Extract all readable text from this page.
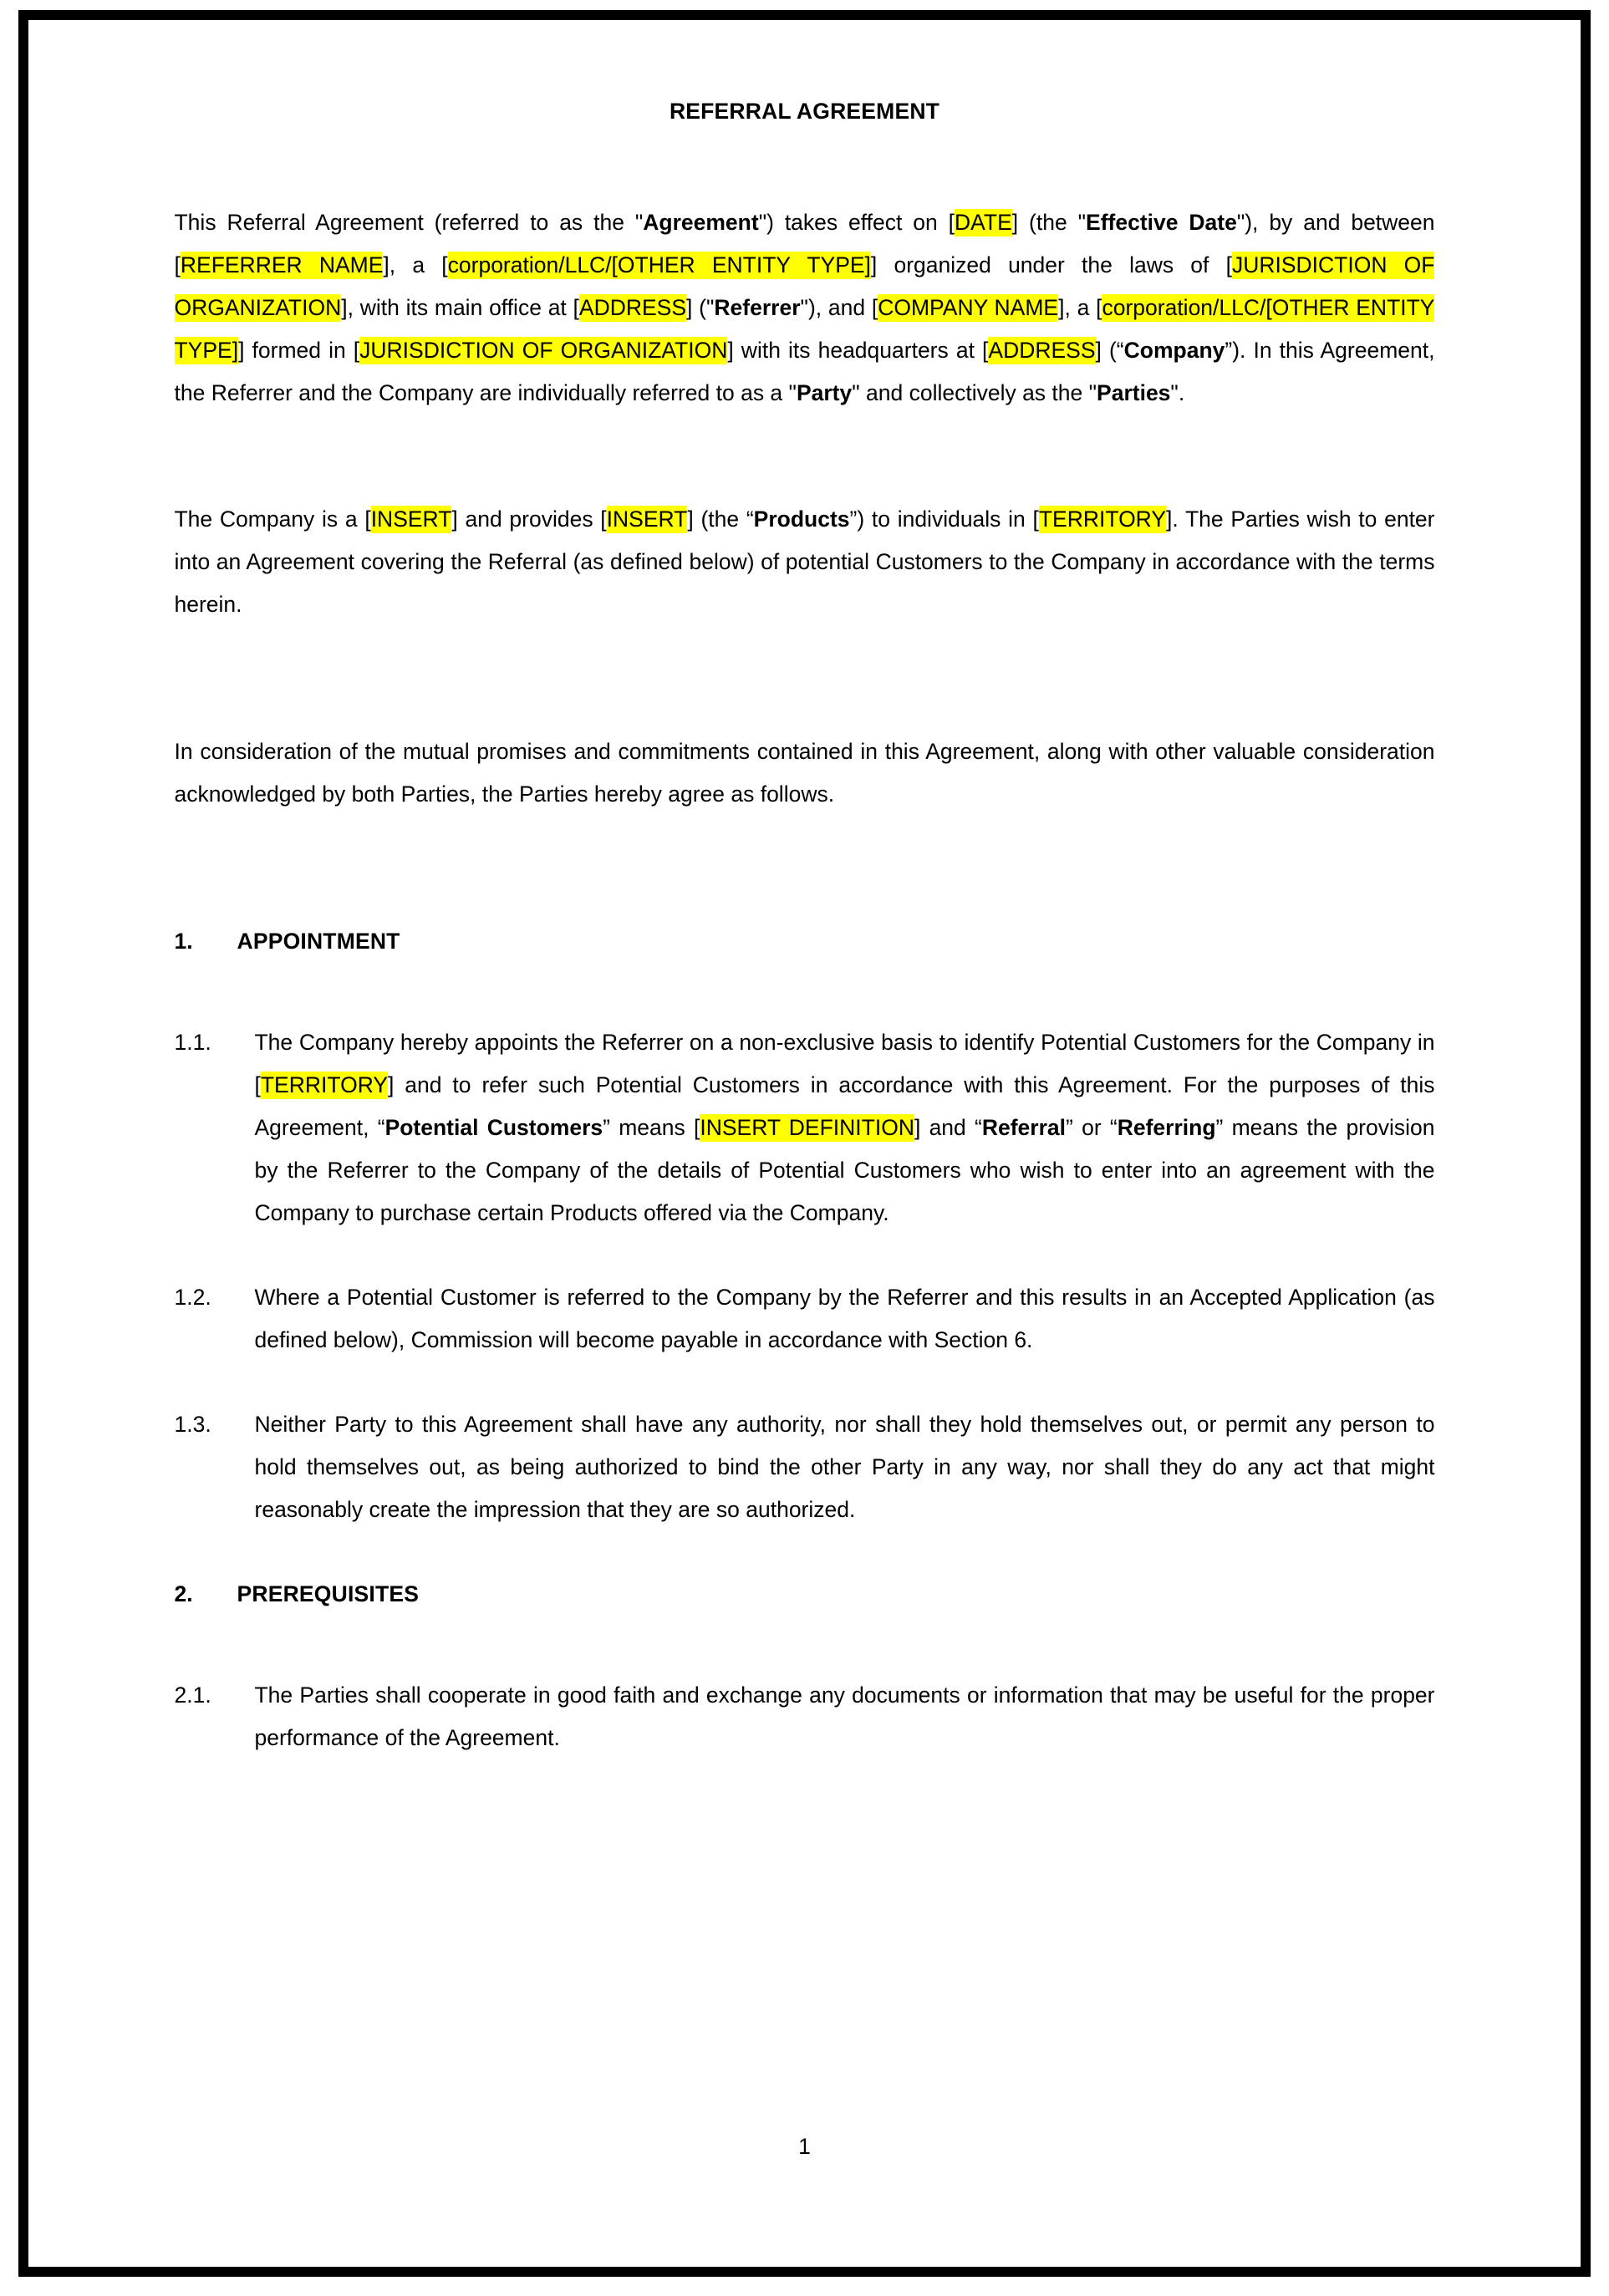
REFERRAL AGREEMENT

This Referral Agreement (referred to as the "Agreement") takes effect on [DATE] (the "Effective Date"), by and between [REFERRER NAME], a [corporation/LLC/[OTHER ENTITY TYPE]] organized under the laws of [JURISDICTION OF ORGANIZATION], with its main office at [ADDRESS] ("Referrer"), and [COMPANY NAME], a [corporation/LLC/[OTHER ENTITY TYPE]] formed in [JURISDICTION OF ORGANIZATION] with its headquarters at [ADDRESS] (“Company”). In this Agreement, the Referrer and the Company are individually referred to as a "Party" and collectively as the "Parties".

The Company is a [INSERT] and provides [INSERT] (the “Products”) to individuals in [TERRITORY]. The Parties wish to enter into an Agreement covering the Referral (as defined below) of potential Customers to the Company in accordance with the terms herein.

In consideration of the mutual promises and commitments contained in this Agreement, along with other valuable consideration acknowledged by both Parties, the Parties hereby agree as follows.

1.	APPOINTMENT
1.1.	The Company hereby appoints the Referrer on a non-exclusive basis to identify Potential Customers for the Company in [TERRITORY] and to refer such Potential Customers in accordance with this Agreement. For the purposes of this Agreement, “Potential Customers” means [INSERT DEFINITION] and “Referral” or “Referring” means the provision by the Referrer to the Company of the details of Potential Customers who wish to enter into an agreement with the Company to purchase certain Products offered via the Company.
1.2.	Where a Potential Customer is referred to the Company by the Referrer and this results in an Accepted Application (as defined below), Commission will become payable in accordance with Section 6.
1.3.	Neither Party to this Agreement shall have any authority, nor shall they hold themselves out, or permit any person to hold themselves out, as being authorized to bind the other Party in any way, nor shall they do any act that might reasonably create the impression that they are so authorized.
2.	PREREQUISITES
2.1.	The Parties shall cooperate in good faith and exchange any documents or information that may be useful for the proper performance of the Agreement.
1
